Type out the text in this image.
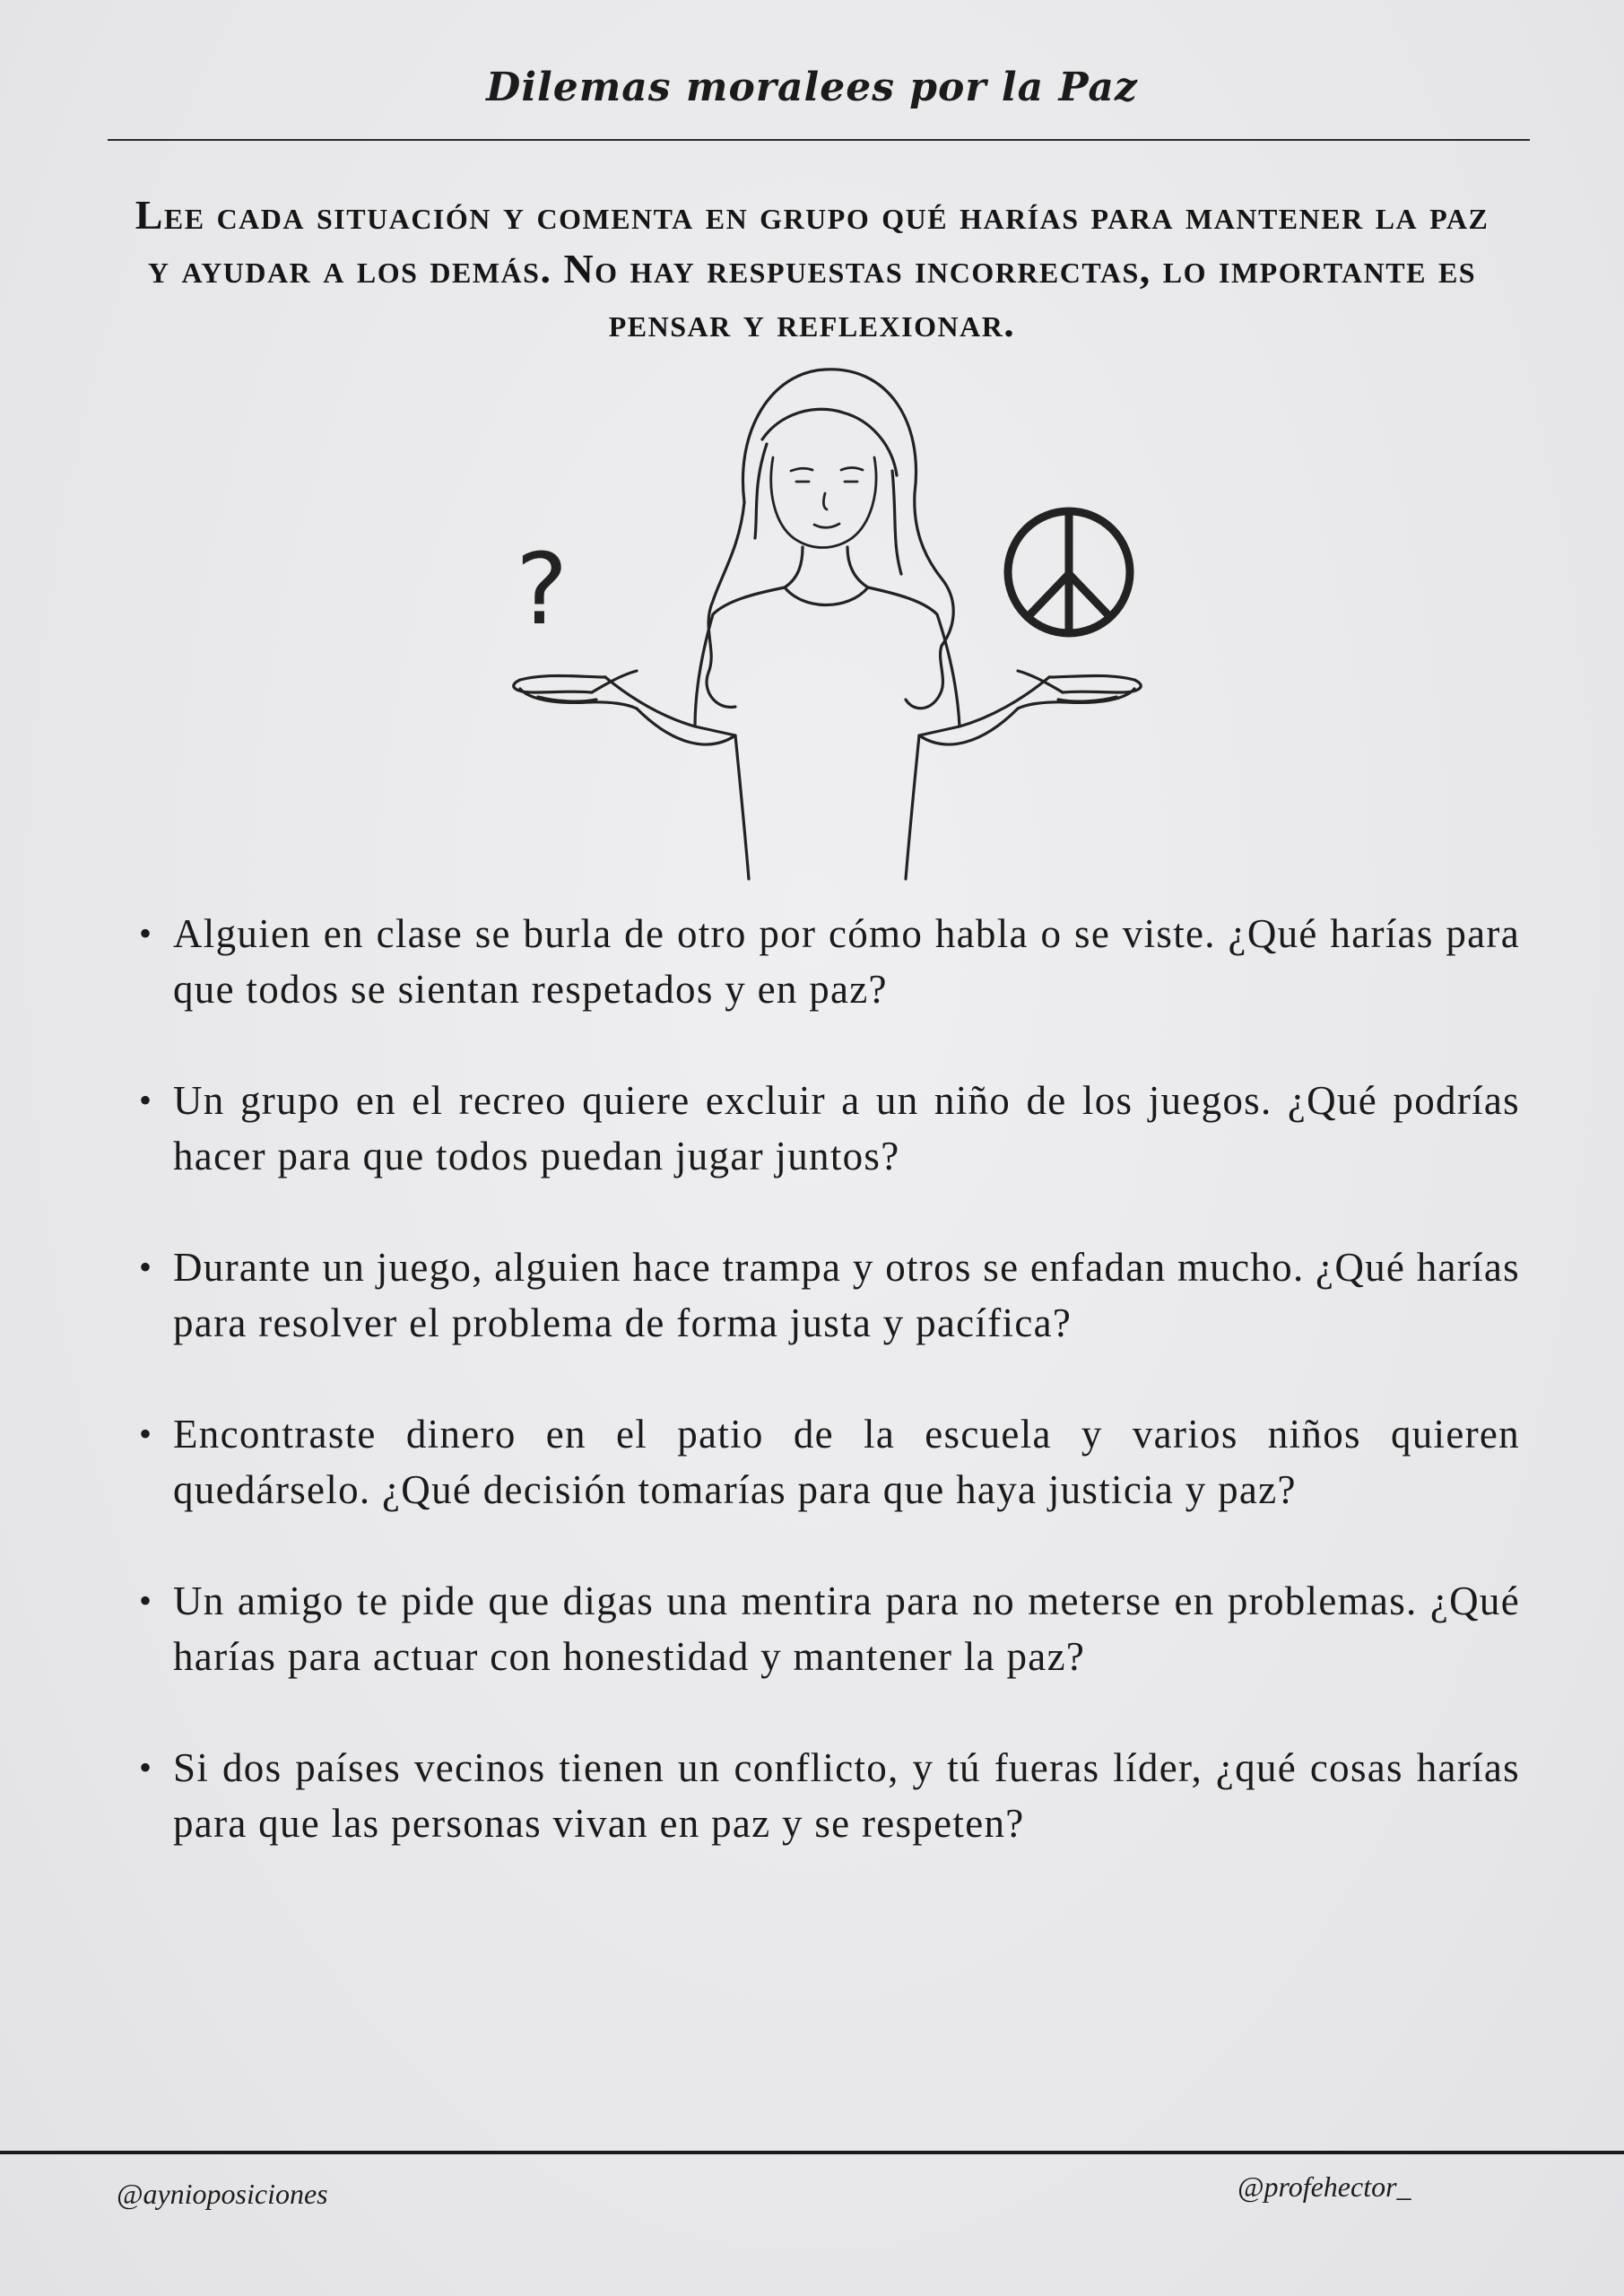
Dilemas moralees por la Paz
Lee cada situación y comenta en grupo qué harías para mantener la paz y ayudar a los demás. No hay respuestas incorrectas, lo importante es pensar y reflexionar.
?
• Alguien en clase se burla de otro por cómo habla o se viste. ¿Qué harías para que todos se sientan respetados y en paz?
• Un grupo en el recreo quiere excluir a un niño de los juegos. ¿Qué podrías hacer para que todos puedan jugar juntos?
• Durante un juego, alguien hace trampa y otros se enfadan mucho. ¿Qué harías para resolver el problema de forma justa y pacífica?
• Encontraste dinero en el patio de la escuela y varios niños quieren quedárselo. ¿Qué decisión tomarías para que haya justicia y paz?
• Un amigo te pide que digas una mentira para no meterse en problemas. ¿Qué harías para actuar con honestidad y mantener la paz?
• Si dos países vecinos tienen un conflicto, y tú fueras líder, ¿qué cosas harías para que las personas vivan en paz y se respeten?
@aynioposiciones	@profehector_
